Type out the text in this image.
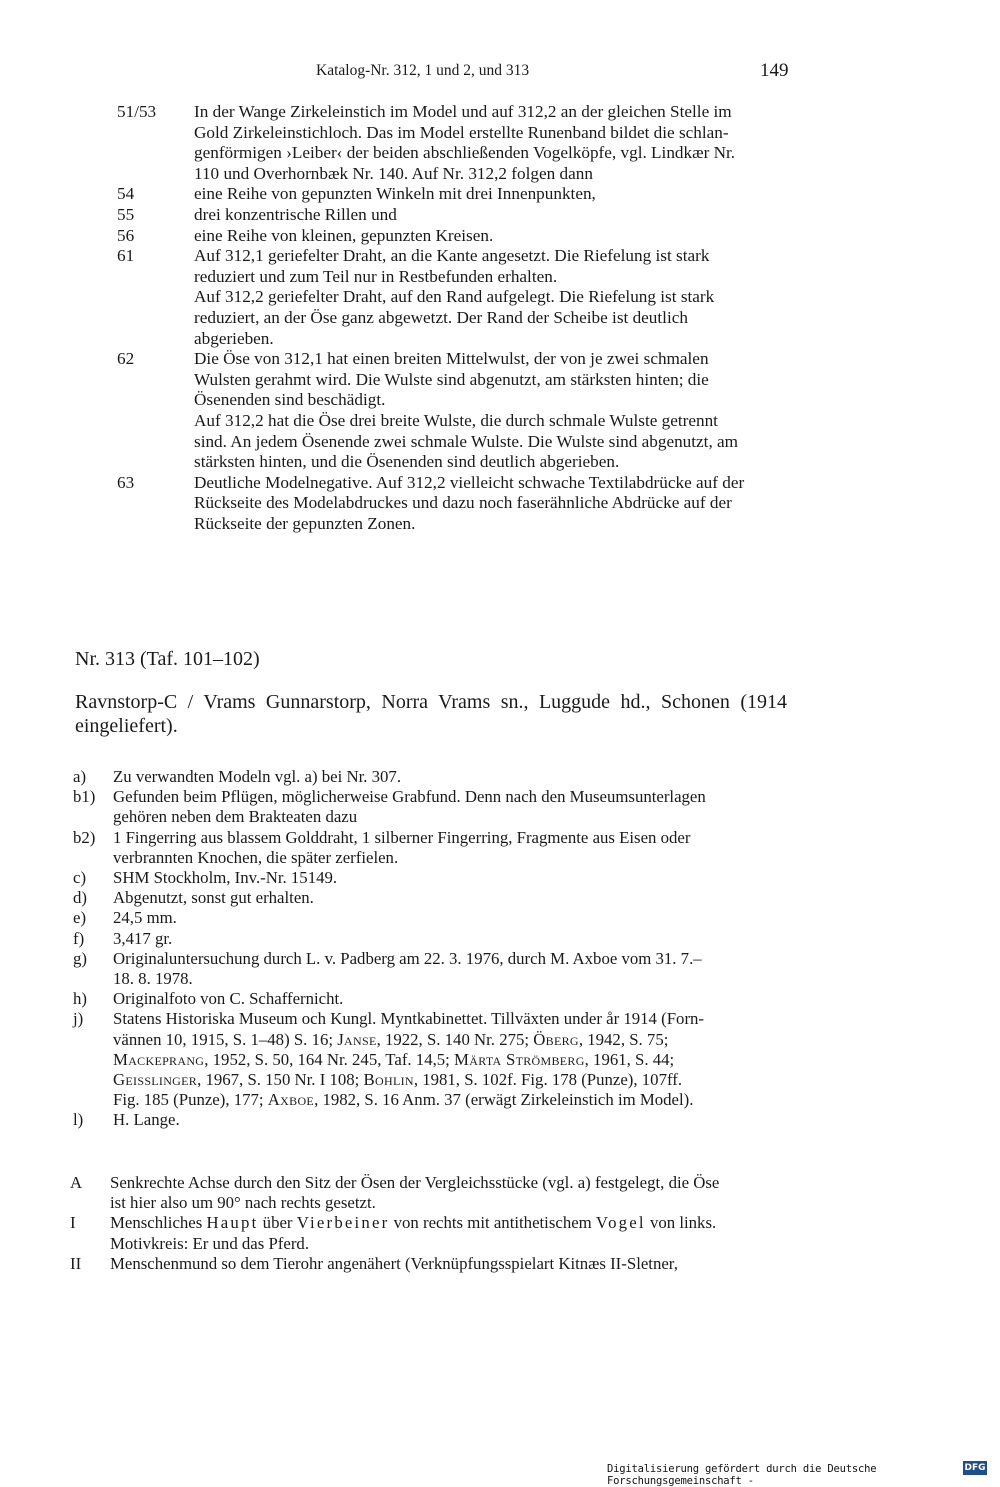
Katalog-Nr. 312, 1 und 2, und 313	149
51/53	In der Wange Zirkeleinstich im Model und auf 312,2 an der gleichen Stelle im
Gold Zirkeleinstichloch. Das im Model erstellte Runenband bildet die schlan-
genförmigen ›Leiber‹ der beiden abschließenden Vogelköpfe, vgl. Lindkær Nr.
110 und Overhornbæk Nr. 140. Auf Nr. 312,2 folgen dann
54	eine Reihe von gepunzten Winkeln mit drei Innenpunkten,
55	drei konzentrische Rillen und
56	eine Reihe von kleinen, gepunzten Kreisen.
61	Auf 312,1 geriefelter Draht, an die Kante angesetzt. Die Riefelung ist stark
reduziert und zum Teil nur in Restbefunden erhalten.
Auf 312,2 geriefelter Draht, auf den Rand aufgelegt. Die Riefelung ist stark
reduziert, an der Öse ganz abgewetzt. Der Rand der Scheibe ist deutlich
abgerieben.
62	Die Öse von 312,1 hat einen breiten Mittelwulst, der von je zwei schmalen
Wulsten gerahmt wird. Die Wulste sind abgenutzt, am stärksten hinten; die
Ösenenden sind beschädigt.
Auf 312,2 hat die Öse drei breite Wulste, die durch schmale Wulste getrennt
sind. An jedem Ösenende zwei schmale Wulste. Die Wulste sind abgenutzt, am
stärksten hinten, und die Ösenenden sind deutlich abgerieben.
63	Deutliche Modelnegative. Auf 312,2 vielleicht schwache Textilabdrücke auf der
Rückseite des Modelabdruckes und dazu noch faserähnliche Abdrücke auf der
Rückseite der gepunzten Zonen.
Nr. 313 (Taf. 101–102)
Ravnstorp-C / Vrams Gunnarstorp, Norra Vrams sn., Luggude hd., Schonen (1914 eingeliefert).
a)	Zu verwandten Modeln vgl. a) bei Nr. 307.
b1)	Gefunden beim Pflügen, möglicherweise Grabfund. Denn nach den Museumsunterlagen
gehören neben dem Brakteaten dazu
b2)	1 Fingerring aus blassem Golddraht, 1 silberner Fingerring, Fragmente aus Eisen oder
verbrannten Knochen, die später zerfielen.
c)	SHM Stockholm, Inv.-Nr. 15149.
d)	Abgenutzt, sonst gut erhalten.
e)	24,5 mm.
f)	3,417 gr.
g)	Originaluntersuchung durch L. v. Padberg am 22. 3. 1976, durch M. Axboe vom 31. 7.–
18. 8. 1978.
h)	Originalfoto von C. Schaffernicht.
j)	Statens Historiska Museum och Kungl. Myntkabinettet. Tillväxten under år 1914 (Forn-
vännen 10, 1915, S. 1–48) S. 16; Janse, 1922, S. 140 Nr. 275; Öberg, 1942, S. 75;
Mackeprang, 1952, S. 50, 164 Nr. 245, Taf. 14,5; Märta Strömberg, 1961, S. 44;
Geisslinger, 1967, S. 150 Nr. I 108; Bohlin, 1981, S. 102f. Fig. 178 (Punze), 107ff.
Fig. 185 (Punze), 177; Axboe, 1982, S. 16 Anm. 37 (erwägt Zirkeleinstich im Model).
l)	H. Lange.
A	Senkrechte Achse durch den Sitz der Ösen der Vergleichsstücke (vgl. a) festgelegt, die Öse
ist hier also um 90° nach rechts gesetzt.
I	Menschliches Haupt über Vierbeiner von rechts mit antithetischem Vogel von links.
Motivkreis: Er und das Pferd.
II	Menschenmund so dem Tierohr angenähert (Verknüpfungsspielart Kitnæs II-Sletner,
Digitalisierung gefördert durch die Deutsche Forschungsgemeinschaft -
DFG
